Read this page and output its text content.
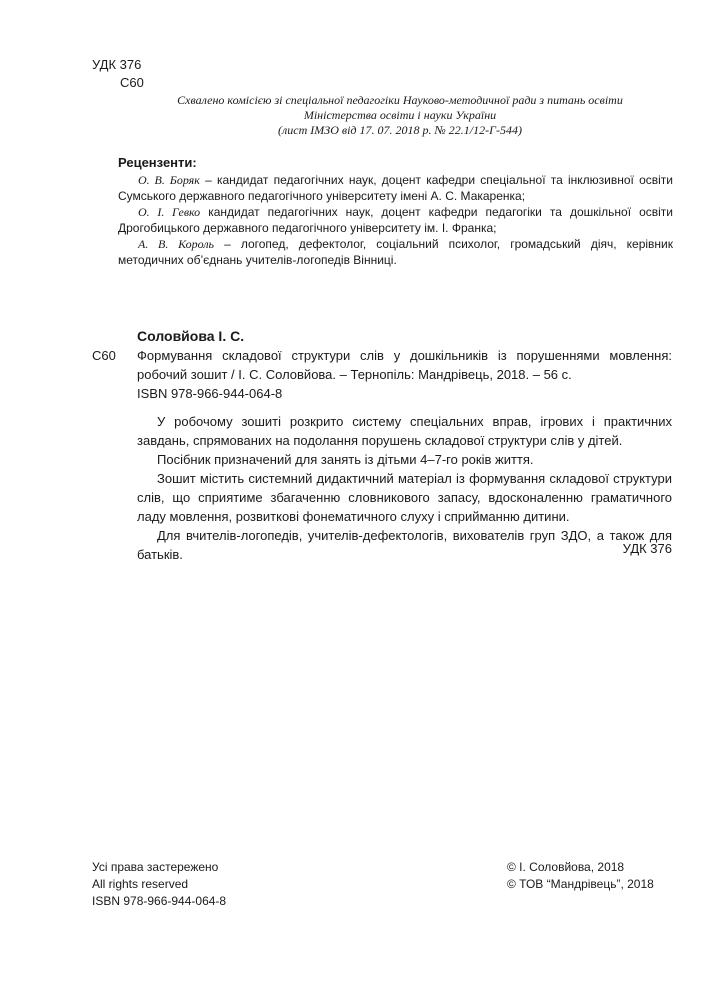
УДК 376
С60
Схвалено комісією зі спеціальної педагогіки Науково-методичної ради з питань освіти
Міністерства освіти і науки України
(лист ІМЗО від 17. 07. 2018 р. № 22.1/12-Г-544)
Рецензенти:
О. В. Боряк – кандидат педагогічних наук, доцент кафедри спеціальної та інклюзивної освіти Сумського державного педагогічного університету імені А. С. Макаренка;
О. І. Гевко кандидат педагогічних наук, доцент кафедри педагогіки та дошкільної освіти Дрогобицького державного педагогічного університету ім. І. Франка;
А. В. Король – логопед, дефектолог, соціальний психолог, громадський діяч, керівник методичних об’єднань учителів-логопедів Вінниці.
Соловйова І. С.
С60	Формування складової структури слів у дошкільників із порушеннями мовлення: робочий зошит / І. С. Соловйова. – Тернопіль: Мандрівець, 2018. – 56 с.
ISBN 978-966-944-064-8

У робочому зошиті розкрито систему спеціальних вправ, ігрових і практичних завдань, спрямованих на подолання порушень складової структури слів у дітей.

Посібник призначений для занять із дітьми 4–7-го років життя.

Зошит містить системний дидактичний матеріал із формування складової структури слів, що сприятиме збагаченню словникового запасу, вдосконаленню граматичного ладу мовлення, розвиткові фонематичного слуху і сприйманню дитини.

Для вчителів-логопедів, учителів-дефектологів, вихователів груп ЗДО, а також для батьків.	УДК 376
Усі права застережено
All rights reserved
ISBN 978-966-944-064-8
© І. Соловйова, 2018
© ТОВ “Мандрівець”, 2018
